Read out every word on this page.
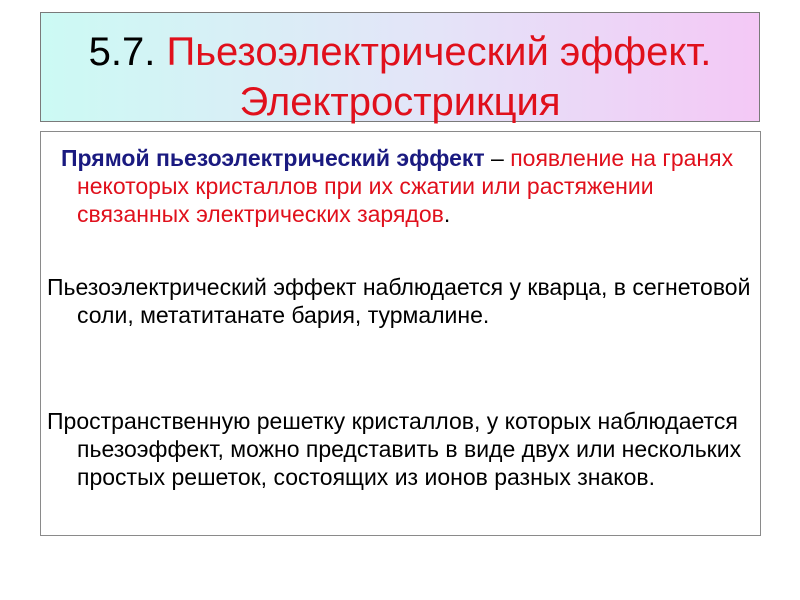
5.7. Пьезоэлектрический эффект.
Электрострикция

Прямой пьезоэлектрический эффект – появление на гранях некоторых кристаллов при их сжатии или растяжении связанных электрических зарядов.

Пьезоэлектрический эффект наблюдается у кварца, в сегнетовой соли, метатитанате бария, турмалине.

Пространственную решетку кристаллов, у которых наблюдается пьезоэффект, можно представить в виде двух или нескольких простых решеток, состоящих из ионов разных знаков.
